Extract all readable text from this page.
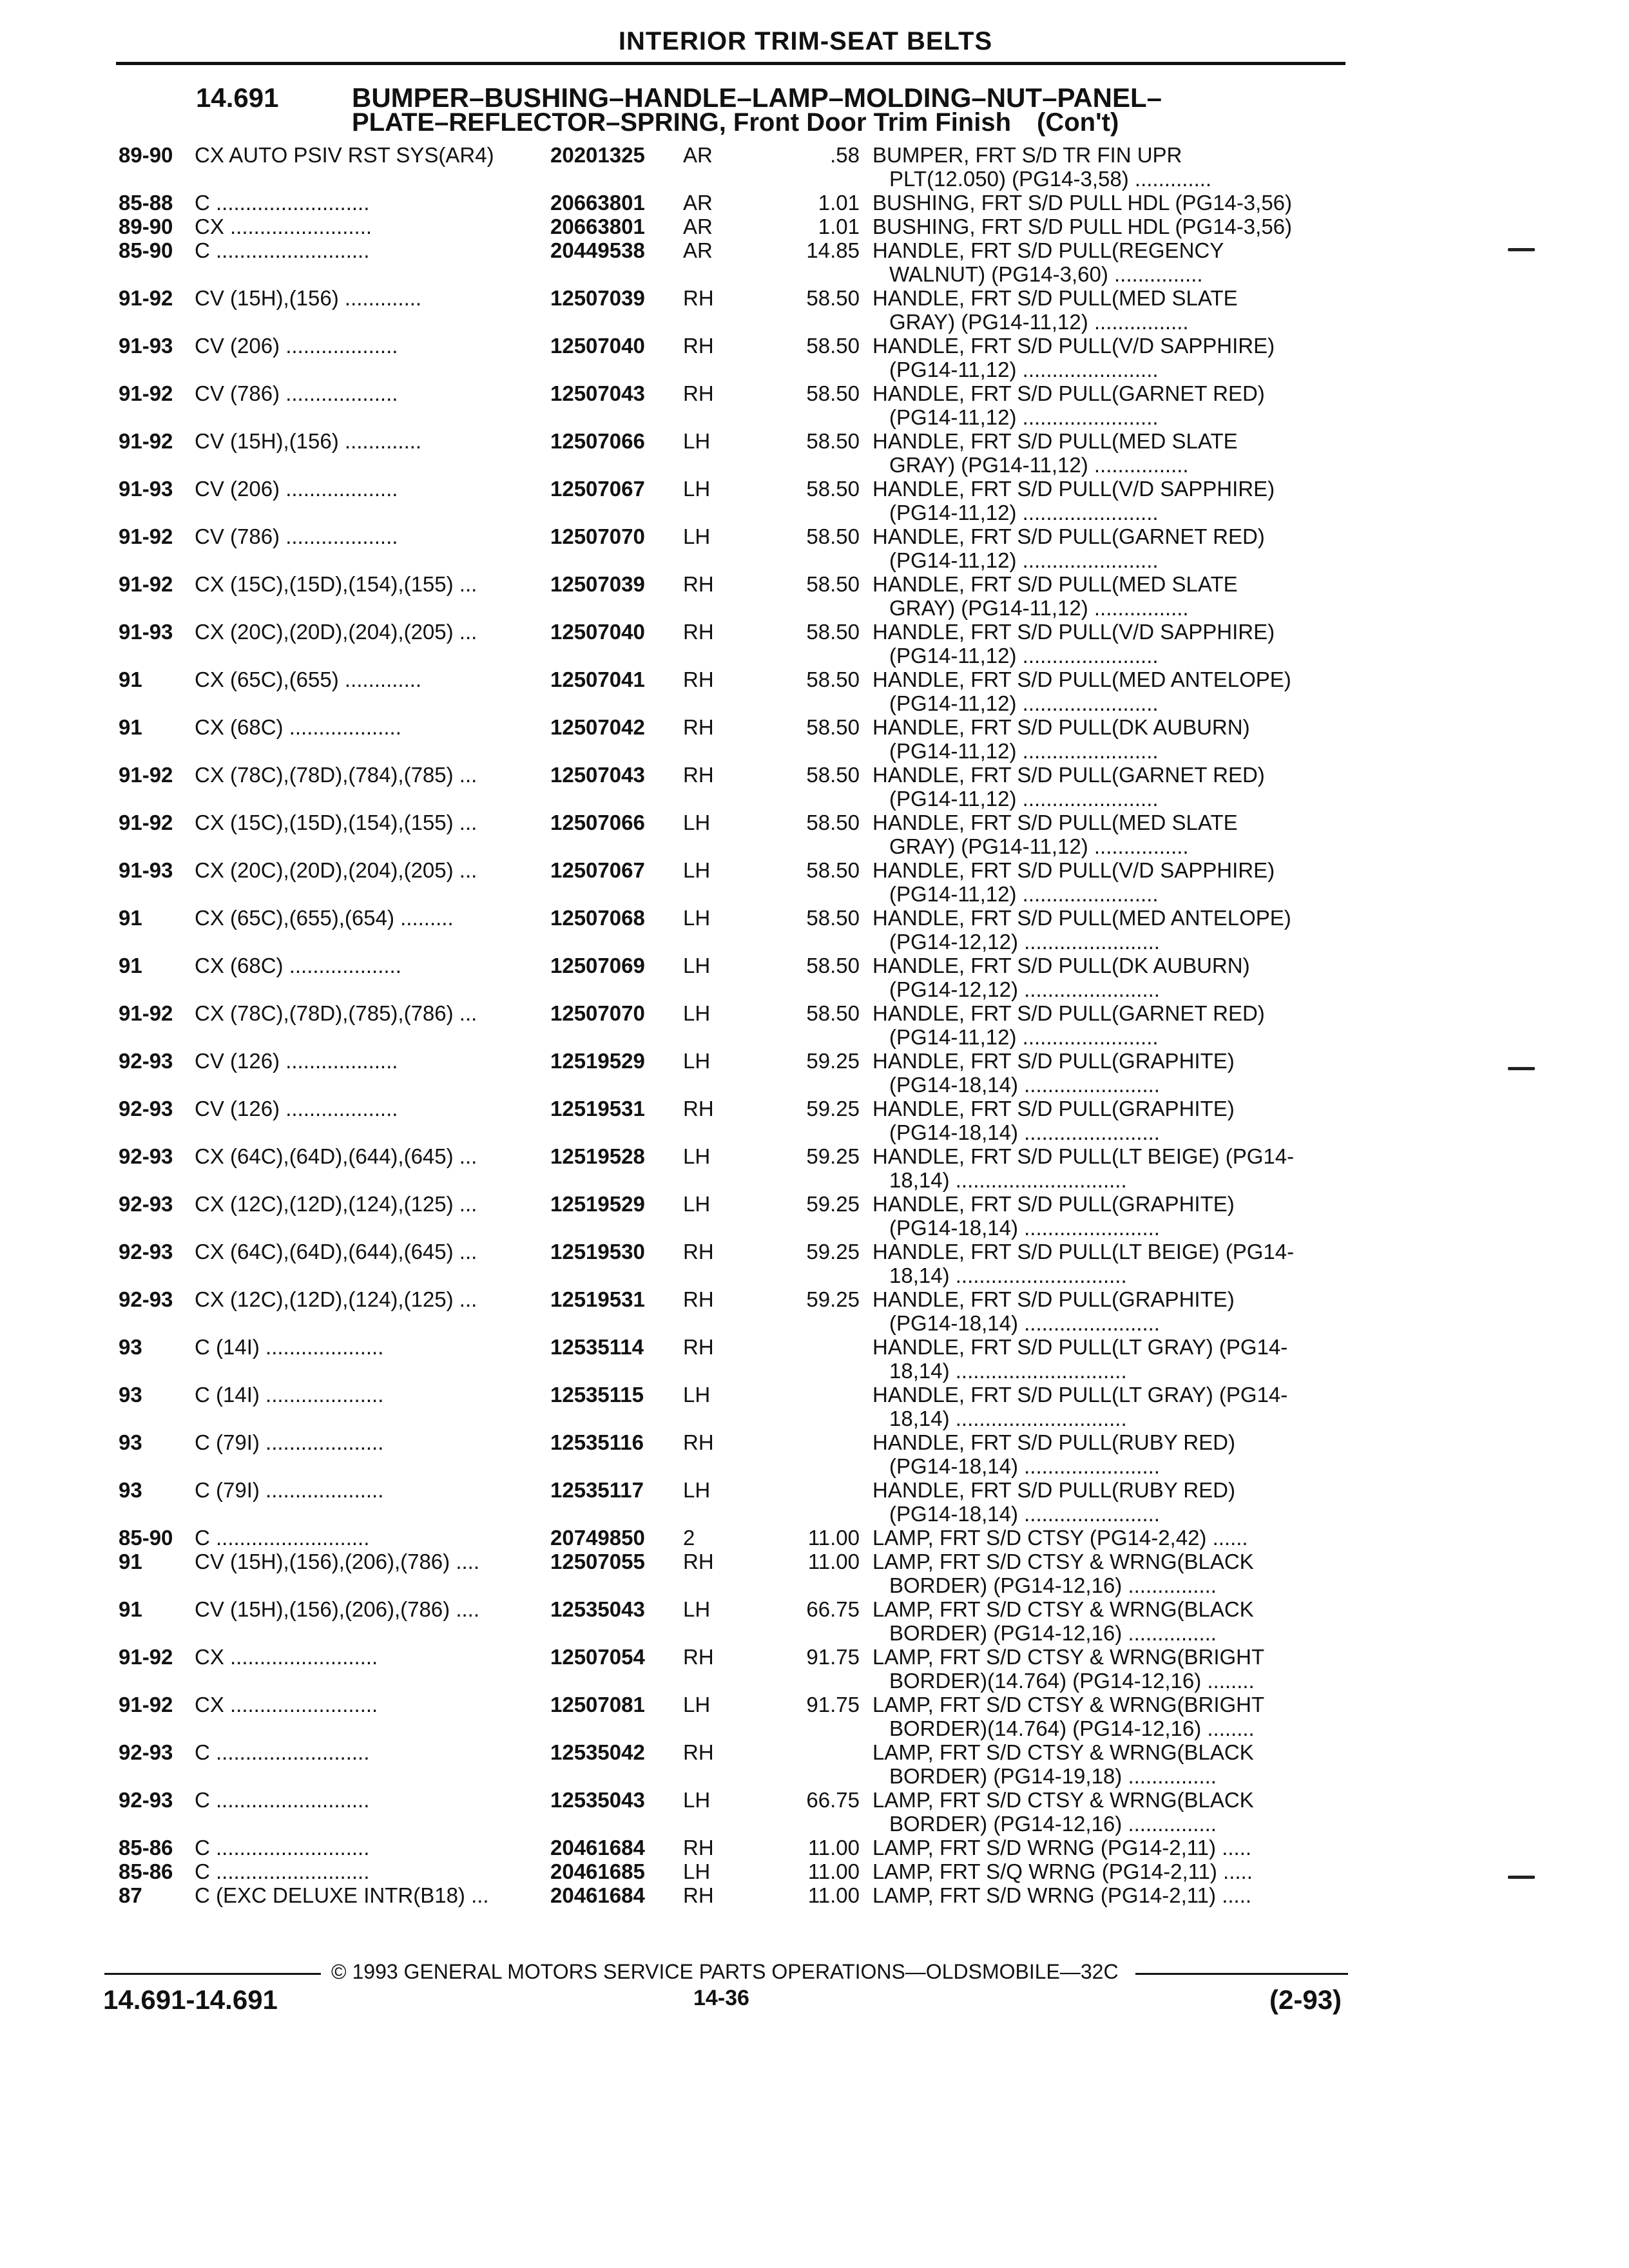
INTERIOR TRIM-SEAT BELTS
14.691	BUMPER–BUSHING–HANDLE–LAMP–MOLDING–NUT–PANEL–
PLATE–REFLECTOR–SPRING, Front Door Trim Finish (Con't)
89-90 CX AUTO PSIV RST SYS(AR4)	20201325 AR	.58 BUMPER, FRT S/D TR FIN UPR
PLT(12.050) (PG14-3,58) .............
85-88 C ..........................	20663801 AR	1.01 BUSHING, FRT S/D PULL HDL (PG14-3,56)
89-90 CX ........................	20663801 AR	1.01 BUSHING, FRT S/D PULL HDL (PG14-3,56)
85-90 C ..........................	20449538 AR	14.85 HANDLE, FRT S/D PULL(REGENCY
WALNUT) (PG14-3,60) ...............
91-92 CV (15H),(156) .............	12507039 RH	58.50 HANDLE, FRT S/D PULL(MED SLATE
GRAY) (PG14-11,12) ................
91-93 CV (206) ...................	12507040 RH	58.50 HANDLE, FRT S/D PULL(V/D SAPPHIRE)
(PG14-11,12) .......................
91-92 CV (786) ...................	12507043 RH	58.50 HANDLE, FRT S/D PULL(GARNET RED)
(PG14-11,12) .......................
91-92 CV (15H),(156) .............	12507066 LH	58.50 HANDLE, FRT S/D PULL(MED SLATE
GRAY) (PG14-11,12) ................
91-93 CV (206) ...................	12507067 LH	58.50 HANDLE, FRT S/D PULL(V/D SAPPHIRE)
(PG14-11,12) .......................
91-92 CV (786) ...................	12507070 LH	58.50 HANDLE, FRT S/D PULL(GARNET RED)
(PG14-11,12) .......................
91-92 CX (15C),(15D),(154),(155) ...	12507039 RH	58.50 HANDLE, FRT S/D PULL(MED SLATE
GRAY) (PG14-11,12) ................
91-93 CX (20C),(20D),(204),(205) ...	12507040 RH	58.50 HANDLE, FRT S/D PULL(V/D SAPPHIRE)
(PG14-11,12) .......................
91 CX (65C),(655) .............	12507041 RH	58.50 HANDLE, FRT S/D PULL(MED ANTELOPE)
(PG14-11,12) .......................
91 CX (68C) ...................	12507042 RH	58.50 HANDLE, FRT S/D PULL(DK AUBURN)
(PG14-11,12) .......................
91-92 CX (78C),(78D),(784),(785) ...	12507043 RH	58.50 HANDLE, FRT S/D PULL(GARNET RED)
(PG14-11,12) .......................
91-92 CX (15C),(15D),(154),(155) ...	12507066 LH	58.50 HANDLE, FRT S/D PULL(MED SLATE
GRAY) (PG14-11,12) ................
91-93 CX (20C),(20D),(204),(205) ...	12507067 LH	58.50 HANDLE, FRT S/D PULL(V/D SAPPHIRE)
(PG14-11,12) .......................
91 CX (65C),(655),(654) .........	12507068 LH	58.50 HANDLE, FRT S/D PULL(MED ANTELOPE)
(PG14-12,12) .......................
91 CX (68C) ...................	12507069 LH	58.50 HANDLE, FRT S/D PULL(DK AUBURN)
(PG14-12,12) .......................
91-92 CX (78C),(78D),(785),(786) ...	12507070 LH	58.50 HANDLE, FRT S/D PULL(GARNET RED)
(PG14-11,12) .......................
92-93 CV (126) ...................	12519529 LH	59.25 HANDLE, FRT S/D PULL(GRAPHITE)
(PG14-18,14) .......................
92-93 CV (126) ...................	12519531 RH	59.25 HANDLE, FRT S/D PULL(GRAPHITE)
(PG14-18,14) .......................
92-93 CX (64C),(64D),(644),(645) ...	12519528 LH	59.25 HANDLE, FRT S/D PULL(LT BEIGE) (PG14-
18,14) .............................
92-93 CX (12C),(12D),(124),(125) ...	12519529 LH	59.25 HANDLE, FRT S/D PULL(GRAPHITE)
(PG14-18,14) .......................
92-93 CX (64C),(64D),(644),(645) ...	12519530 RH	59.25 HANDLE, FRT S/D PULL(LT BEIGE) (PG14-
18,14) .............................
92-93 CX (12C),(12D),(124),(125) ...	12519531 RH	59.25 HANDLE, FRT S/D PULL(GRAPHITE)
(PG14-18,14) .......................
93 C (14I) ....................	12535114 RH	HANDLE, FRT S/D PULL(LT GRAY) (PG14-
18,14) .............................
93 C (14I) ....................	12535115 LH	HANDLE, FRT S/D PULL(LT GRAY) (PG14-
18,14) .............................
93 C (79I) ....................	12535116 RH	HANDLE, FRT S/D PULL(RUBY RED)
(PG14-18,14) .......................
93 C (79I) ....................	12535117 LH	HANDLE, FRT S/D PULL(RUBY RED)
(PG14-18,14) .......................
85-90 C ..........................	20749850 2	11.00 LAMP, FRT S/D CTSY (PG14-2,42) ......
91 CV (15H),(156),(206),(786) ....	12507055 RH	11.00 LAMP, FRT S/D CTSY & WRNG(BLACK
BORDER) (PG14-12,16) ...............
91 CV (15H),(156),(206),(786) ....	12535043 LH	66.75 LAMP, FRT S/D CTSY & WRNG(BLACK
BORDER) (PG14-12,16) ...............
91-92 CX .........................	12507054 RH	91.75 LAMP, FRT S/D CTSY & WRNG(BRIGHT
BORDER)(14.764) (PG14-12,16) ........
91-92 CX .........................	12507081 LH	91.75 LAMP, FRT S/D CTSY & WRNG(BRIGHT
BORDER)(14.764) (PG14-12,16) ........
92-93 C ..........................	12535042 RH	LAMP, FRT S/D CTSY & WRNG(BLACK
BORDER) (PG14-19,18) ...............
92-93 C ..........................	12535043 LH	66.75 LAMP, FRT S/D CTSY & WRNG(BLACK
BORDER) (PG14-12,16) ...............
85-86 C ..........................	20461684 RH	11.00 LAMP, FRT S/D WRNG (PG14-2,11) .....
85-86 C ..........................	20461685 LH	11.00 LAMP, FRT S/Q WRNG (PG14-2,11) .....
87 C (EXC DELUXE INTR(B18) ...	20461684 RH	11.00 LAMP, FRT S/D WRNG (PG14-2,11) .....
© 1993 GENERAL MOTORS SERVICE PARTS OPERATIONS—OLDSMOBILE—32C
14.691-14.691	14-36	(2-93)
